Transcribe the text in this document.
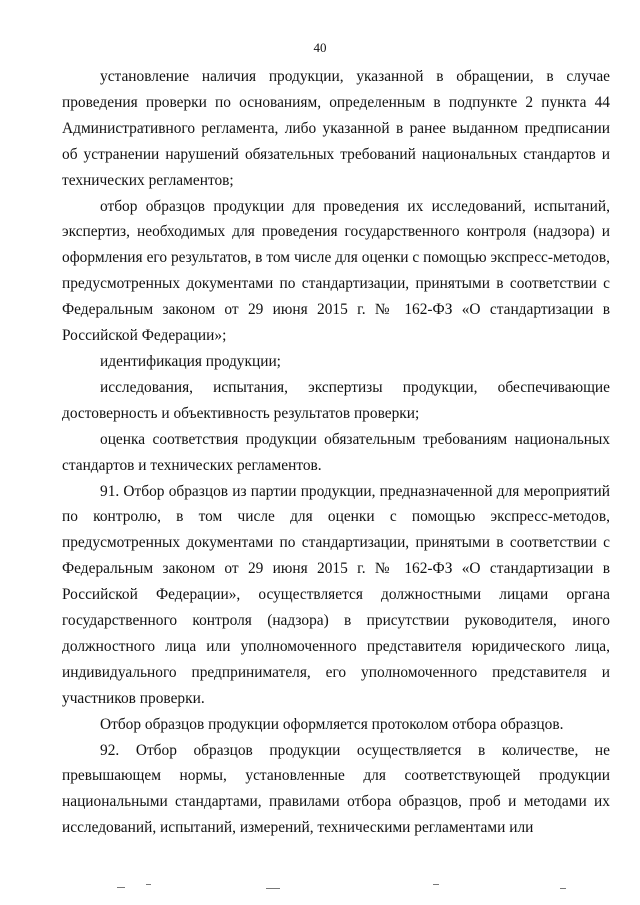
40

установление наличия продукции, указанной в обращении, в случае проведения проверки по основаниям, определенным в подпункте 2 пункта 44 Административного регламента, либо указанной в ранее выданном предписании об устранении нарушений обязательных требований национальных стандартов и технических регламентов;

отбор образцов продукции для проведения их исследований, испытаний, экспертиз, необходимых для проведения государственного контроля (надзора) и оформления его результатов, в том числе для оценки с помощью экспресс-методов, предусмотренных документами по стандартизации, принятыми в соответствии с Федеральным законом от 29 июня 2015 г. № 162-ФЗ «О стандартизации в Российской Федерации»;

идентификация продукции;

исследования, испытания, экспертизы продукции, обеспечивающие достоверность и объективность результатов проверки;

оценка соответствия продукции обязательным требованиям национальных стандартов и технических регламентов.

91. Отбор образцов из партии продукции, предназначенной для мероприятий по контролю, в том числе для оценки с помощью экспресс-методов, предусмотренных документами по стандартизации, принятыми в соответствии с Федеральным законом от 29 июня 2015 г. № 162-ФЗ «О стандартизации в Российской Федерации», осуществляется должностными лицами органа государственного контроля (надзора) в присутствии руководителя, иного должностного лица или уполномоченного представителя юридического лица, индивидуального предпринимателя, его уполномоченного представителя и участников проверки.

Отбор образцов продукции оформляется протоколом отбора образцов.

92. Отбор образцов продукции осуществляется в количестве, не превышающем нормы, установленные для соответствующей продукции национальными стандартами, правилами отбора образцов, проб и методами их исследований, испытаний, измерений, техническими регламентами или
